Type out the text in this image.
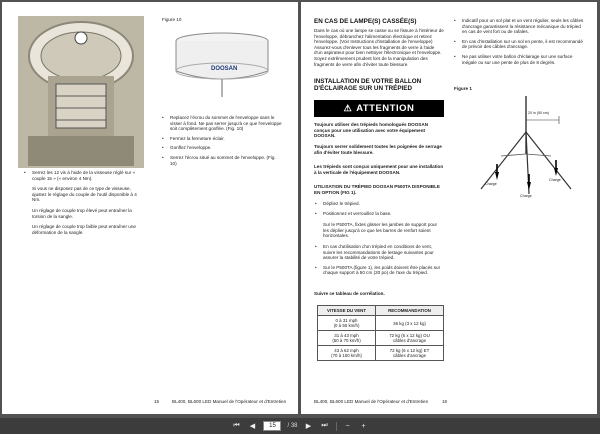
Figure 10
DOOSAN
• Serrez les 12 vis à l'aide de la visseuse réglé sur « couple 15 » (« environ 4 Nm).
Si vous ne disposez pas de ce type de visseuse, ajustez le réglage du couple de l'outil disponible à 4 Nm.
Un réglage de couple trop élevé peut entraîner la torsion de la sangle.
Un réglage de couple trop faible peut entraîner une déformation de la sangle.
• Replacez l'écrou du sommet de l'enveloppe sans le visser à fond. Ne pas serrer jusqu'à ce que l'enveloppe soit complètement gonflée. (Fig. 10)
• Fermez la fermeture éclair.
• Gonflez l'enveloppe.
• Serrez l'écrou situé au sommet de l'enveloppe. (Fig. 10)
15	BL400, BL600 LED Manuel de l'Opérateur et d'Entretien
EN CAS DE LAMPE(S) CASSÉE(S)
Dans le cas où une lampe se casse ou se fissure à l'intérieur de l'enveloppe, débranchez l'alimentation électrique et retirez l'enveloppe. (Voir Instructions d'installation de l'enveloppe) Assurez-vous d'enlever tous les fragments de verre à l'aide d'un aspirateur pour bien nettoyer l'électronique et l'enveloppe. Soyez extrêmement prudent lors de la manipulation des fragments de verre afin d'éviter toute blessure.
INSTALLATION DE VOTRE BALLON D'ÉCLAIRAGE SUR UN TRÉPIED
⚠ ATTENTION
Toujours utiliser des trépieds homologués DOOSAN conçus pour une utilisation avec votre équipement DOOSAN.
Toujours serrer solidement toutes les poignées de serrage afin d'éviter toute blessure.
Les trépieds sont conçus uniquement pour une installation à la verticale de l'équipement DOOSAN.
UTILISATION DU TRÉPIED DOOSAN P500TA DISPONIBLE EN OPTION (FIG 1).
• Dépliez le trépied.
• Positionnez et verrouillez la base.
Sur le P500TA, fixtes glisser les jambes de support pour les déplier jusqu'à ce que les barres de renfort soient horizontales.
• En cas d'utilisation d'un trépied en conditions de vent, suivre les recommandations de lestage suivantes pour assurer la stabilité de votre trépied.
• Sur le P500TA (figure 1), les poids doivent être placés sur chaque support à 50 cm (20 po) de l'axe du trépied.
Suivre ce tableau de corrélation.
VITESSE DU VENT	RECOMMANDATION
0 à 31 mph
(0 à 50 km/h)	36 kg (3 x 12 kg)
31 à 43 mph
(50 à 70 km/h)	72 kg (6 x 12 kg) OU
câbles d'ancrage
43 à 62 mph
(70 à 100 km/h)	72 kg (6 x 12 kg) ET
câbles d'ancrage
• Indicatif pour un sol plat et un vent régulier, seuls les câbles d'ancrage garantissent la résistance mécanique du trépied en cas de vent fort ou de rafales.
• En cas d'installation sur un sol en pente, il est recommandé de prévoir des câbles d'ancrage.
• Ne pas utiliser votre ballon d'éclairage sur une surface inégale ou sur une pente de plus de 8 degrés.
Figure 1
20 in (50 cm)
Charge
Charge
Charge
BL400, BL600 LED Manuel de l'Opérateur et d'Entretien	16
⏮ ◀	15	/ 38 ▶ ⏭	− +
